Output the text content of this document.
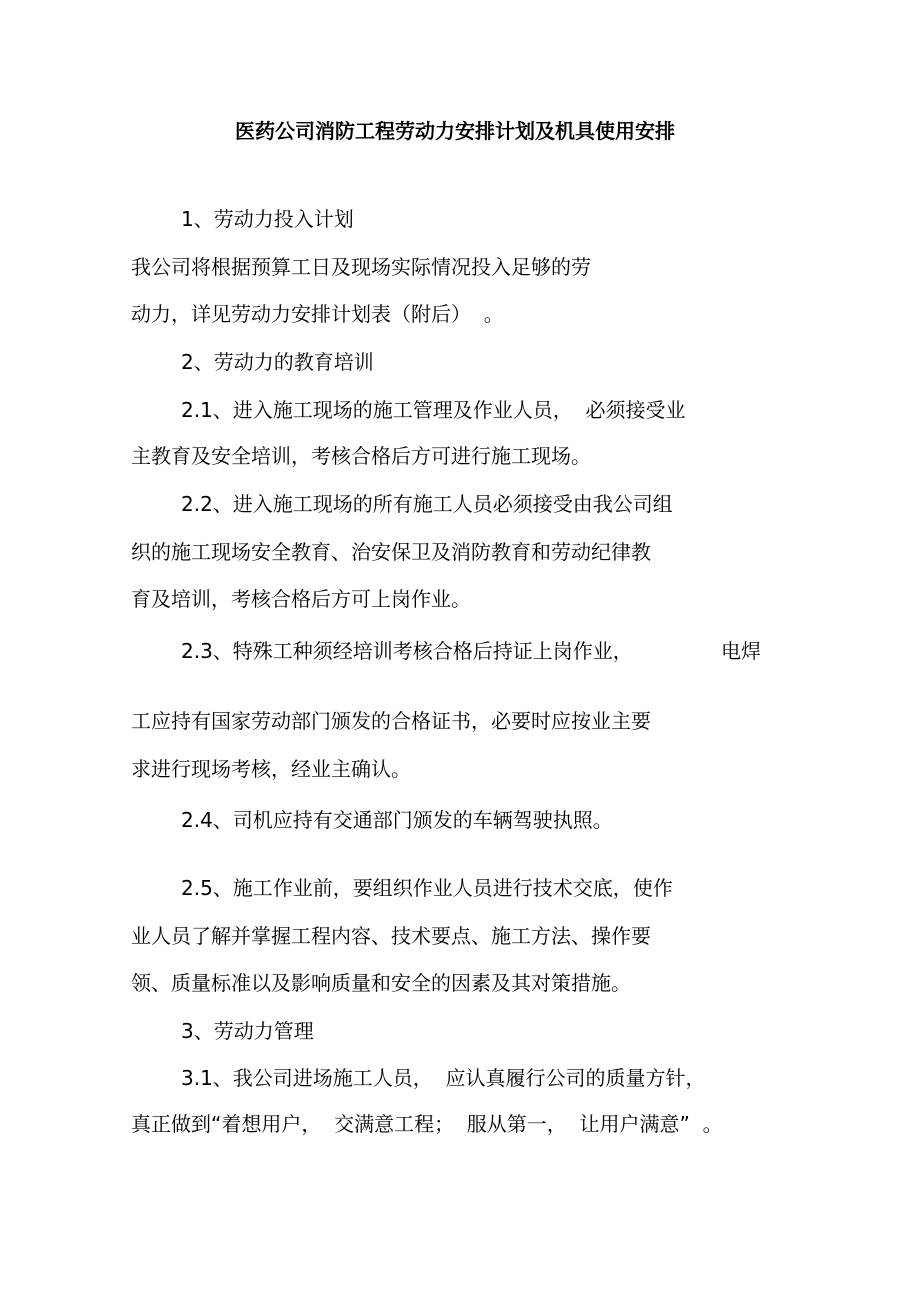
医药公司消防工程劳动力安排计划及机具使用安排

1、劳动力投入计划

我公司将根据预算工日及现场实际情况投入足够的劳

动力，详见劳动力安排计划表（附后）  。

2、劳动力的教育培训

2.1、进入施工现场的施工管理及作业人员，  必须接受业

主教育及安全培训，考核合格后方可进行施工现场。

2.2、进入施工现场的所有施工人员必须接受由我公司组

织的施工现场安全教育、治安保卫及消防教育和劳动纪律教

育及培训，考核合格后方可上岗作业。

2.3、特殊工种须经培训考核合格后持证上岗作业，	电焊

工应持有国家劳动部门颁发的合格证书，必要时应按业主要

求进行现场考核，经业主确认。

2.4、司机应持有交通部门颁发的车辆驾驶执照。

2.5、施工作业前，要组织作业人员进行技术交底，使作

业人员了解并掌握工程内容、技术要点、施工方法、操作要

领、质量标准以及影响质量和安全的因素及其对策措施。

3、劳动力管理

3.1、我公司进场施工人员，  应认真履行公司的质量方针，

真正做到“着想用户，  交满意工程；  服从第一，  让用户满意”  。
